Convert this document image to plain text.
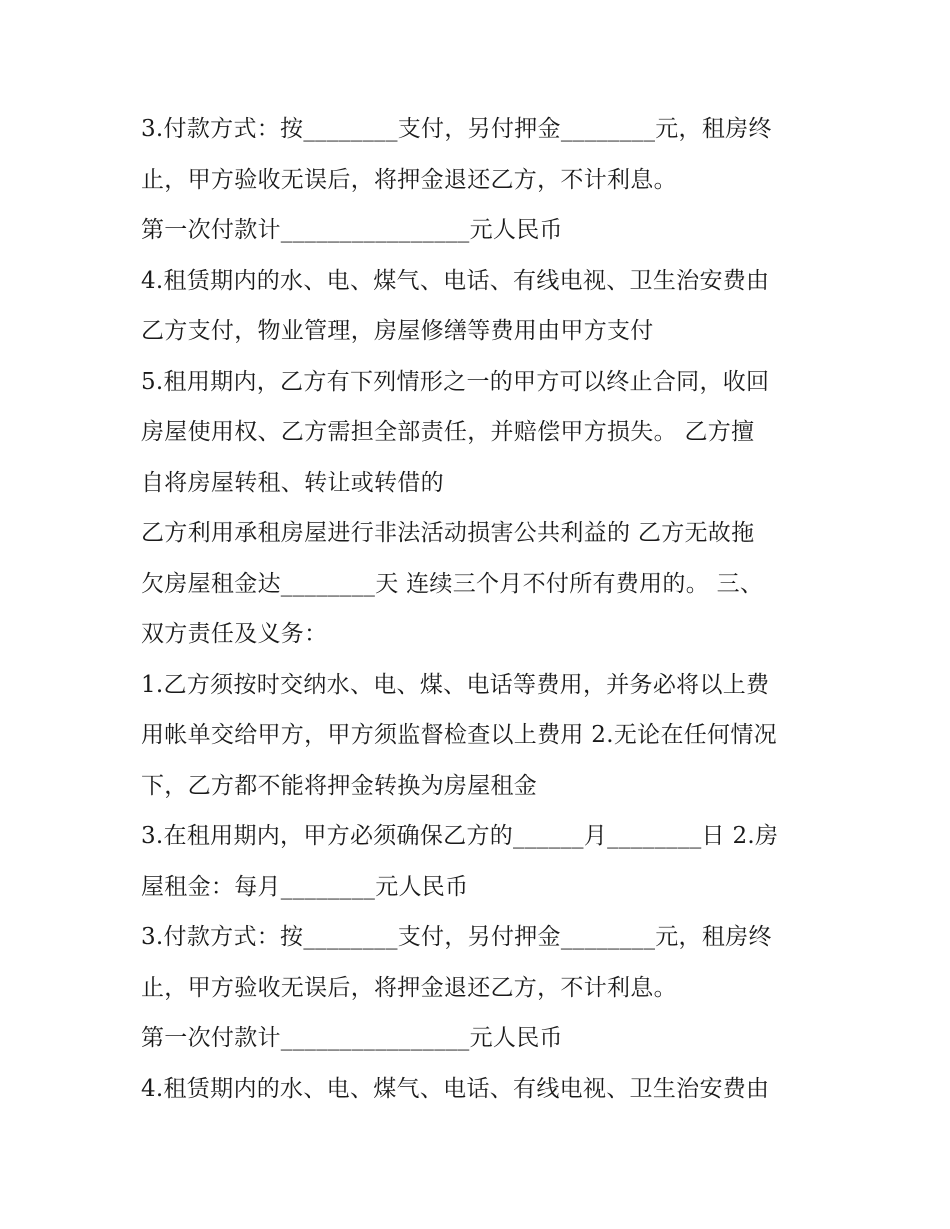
3.付款方式：按________支付，另付押金________元，租房终
止，甲方验收无误后，将押金退还乙方，不计利息。
第一次付款计________________元人民币
4.租赁期内的水、电、煤气、电话、有线电视、卫生治安费由
乙方支付，物业管理，房屋修缮等费用由甲方支付
5.租用期内，乙方有下列情形之一的甲方可以终止合同，收回
房屋使用权、乙方需担全部责任，并赔偿甲方损失。 乙方擅
自将房屋转租、转让或转借的
乙方利用承租房屋进行非法活动损害公共利益的 乙方无故拖
欠房屋租金达________天 连续三个月不付所有费用的。 三、
双方责任及义务：
1.乙方须按时交纳水、电、煤、电话等费用，并务必将以上费
用帐单交给甲方，甲方须监督检查以上费用 2.无论在任何情况
下，乙方都不能将押金转换为房屋租金
3.在租用期内，甲方必须确保乙方的______月________日 2.房
屋租金：每月________元人民币
3.付款方式：按________支付，另付押金________元，租房终
止，甲方验收无误后，将押金退还乙方，不计利息。
第一次付款计________________元人民币
4.租赁期内的水、电、煤气、电话、有线电视、卫生治安费由
